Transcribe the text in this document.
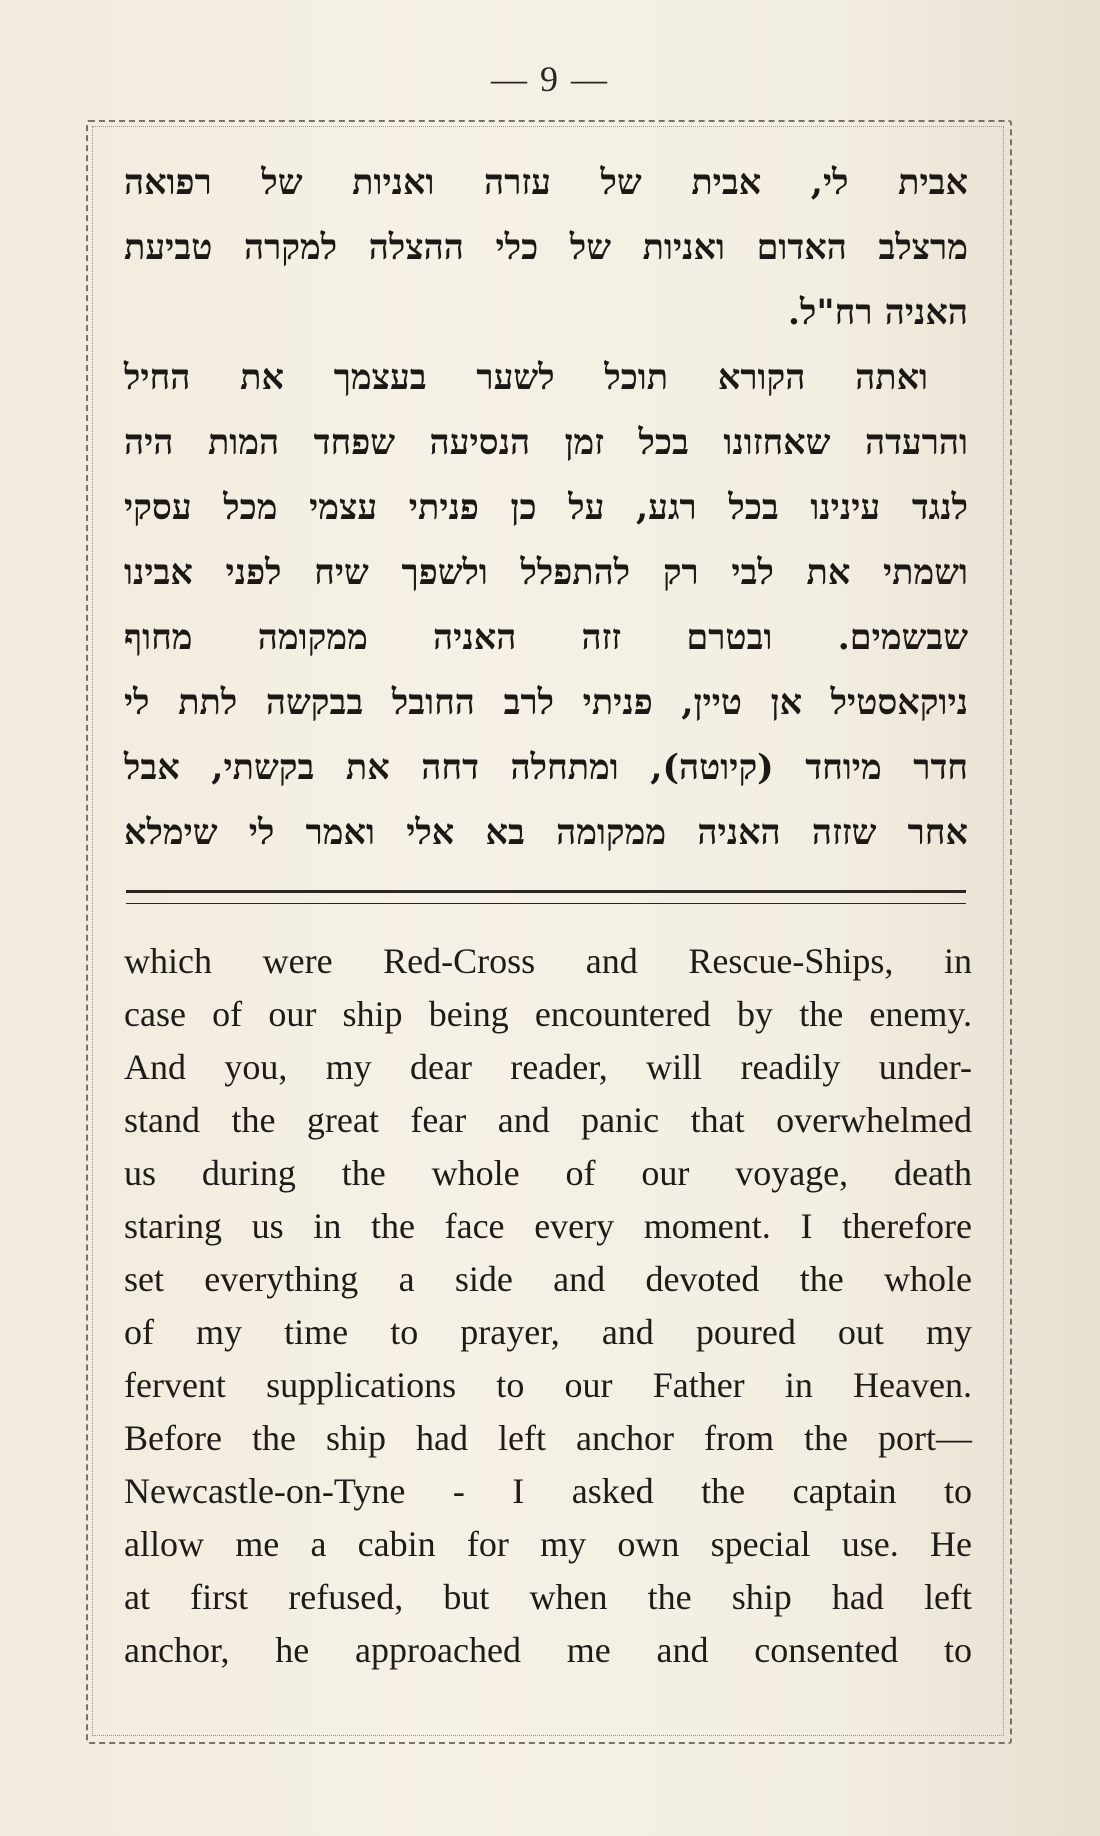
— 9 —
אבית לי, אבית של עזרה ואניות של רפואה
מרצלב האדום ואניות של כלי ההצלה למקרה טביעת
האניה רח"ל.
ואתה הקורא תוכל לשער בעצמך את החיל
והרעדה שאחזונו בכל זמן הנסיעה שפחד המות היה
לנגד עינינו בכל רגע, על כן פניתי עצמי מכל עסקי
ושמתי את לבי רק להתפלל ולשפך שיח לפני אבינו
שבשמים. ובטרם זזה האניה ממקומה מחוף
ניוקאסטיל אן טיין, פניתי לרב החובל בבקשה לתת לי
חדר מיוחד (קיוטה), ומתחלה דחה את בקשתי, אבל
אחר שזזה האניה ממקומה בא אלי ואמר לי שימלא
which were Red-Cross and Rescue-Ships, in
case of our ship being encountered by the enemy.
And you, my dear reader, will readily under-
stand the great fear and panic that overwhelmed
us during the whole of our voyage, death
staring us in the face every moment. I therefore
set everything a side and devoted the whole
of my time to prayer, and poured out my
fervent supplications to our Father in Heaven.
Before the ship had left anchor from the port—
Newcastle-on-Tyne - I asked the captain to
allow me a cabin for my own special use. He
at first refused, but when the ship had left
anchor, he approached me and consented to
